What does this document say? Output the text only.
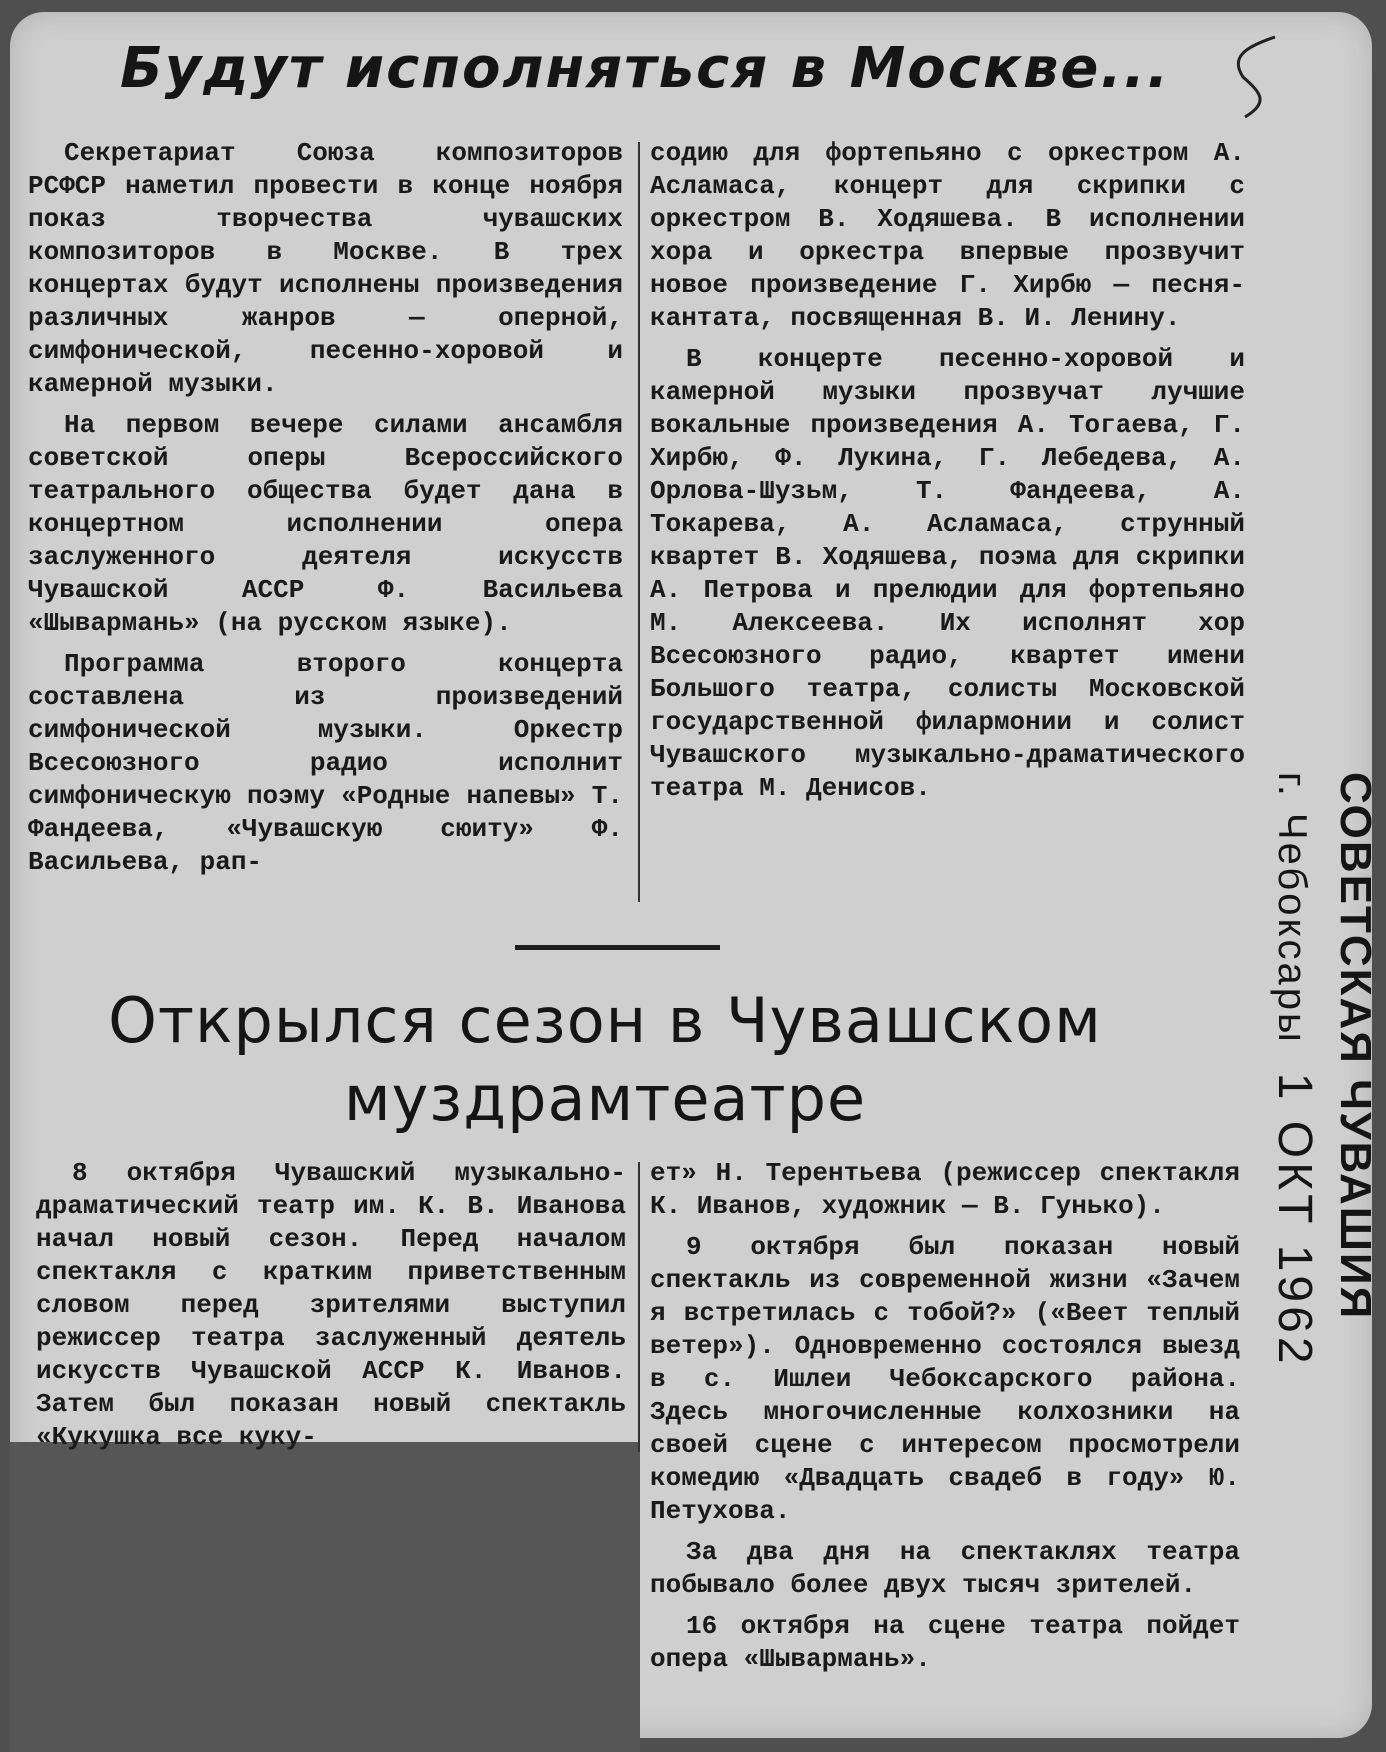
Будут исполняться в Москве...

Секретариат Союза композиторов РСФСР наметил провести в конце ноября показ творчества чувашских композиторов в Москве. В трех концертах будут исполнены произведения различных жанров — оперной, симфонической, песенно-хоровой и камерной музыки.

На первом вечере силами ансамбля советской оперы Всероссийского театрального общества будет дана в концертном исполнении опера заслуженного деятеля искусств Чувашской АССР Ф. Васильева «Шывармань» (на русском языке).

Программа второго концерта составлена из произведений симфонической музыки. Оркестр Всесоюзного радио исполнит симфоническую поэму «Родные напевы» Т. Фандеева, «Чувашскую сюиту» Ф. Васильева, рап-

содию для фортепьяно с оркестром А. Асламаса, концерт для скрипки с оркестром В. Ходяшева. В исполнении хора и оркестра впервые прозвучит новое произведение Г. Хирбю — песня-кантата, посвященная В. И. Ленину.

В концерте песенно-хоровой и камерной музыки прозвучат лучшие вокальные произведения А. Тогаева, Г. Хирбю, Ф. Лукина, Г. Лебедева, А. Орлова-Шузьм, Т. Фандеева, А. Токарева, А. Асламаса, струнный квартет В. Ходяшева, поэма для скрипки А. Петрова и прелюдии для фортепьяно М. Алексеева. Их исполнят хор Всесоюзного радио, квартет имени Большого театра, солисты Московской государственной филармонии и солист Чувашского музыкально-драматического театра М. Денисов.

Открылся сезон в Чувашском
муздрамтеатре

8 октября Чувашский музыкально-драматический театр им. К. В. Иванова начал новый сезон. Перед началом спектакля с кратким приветственным словом перед зрителями выступил режиссер театра заслуженный деятель искусств Чувашской АССР К. Иванов. Затем был показан новый спектакль «Кукушка все куку-

ет» Н. Терентьева (режиссер спектакля К. Иванов, художник — В. Гунько).

9 октября был показан новый спектакль из современной жизни «Зачем я встретилась с тобой?» («Веет теплый ветер»). Одновременно состоялся выезд в с. Ишлеи Чебоксарского района. Здесь многочисленные колхозники на своей сцене с интересом просмотрели комедию «Двадцать свадеб в году» Ю. Петухова.

За два дня на спектаклях театра побывало более двух тысяч зрителей.

16 октября на сцене театра пойдет опера «Шывармань».

СОВЕТСКАЯ ЧУВАШИЯ
г. Чебоксары
1 ОКТ 1962
